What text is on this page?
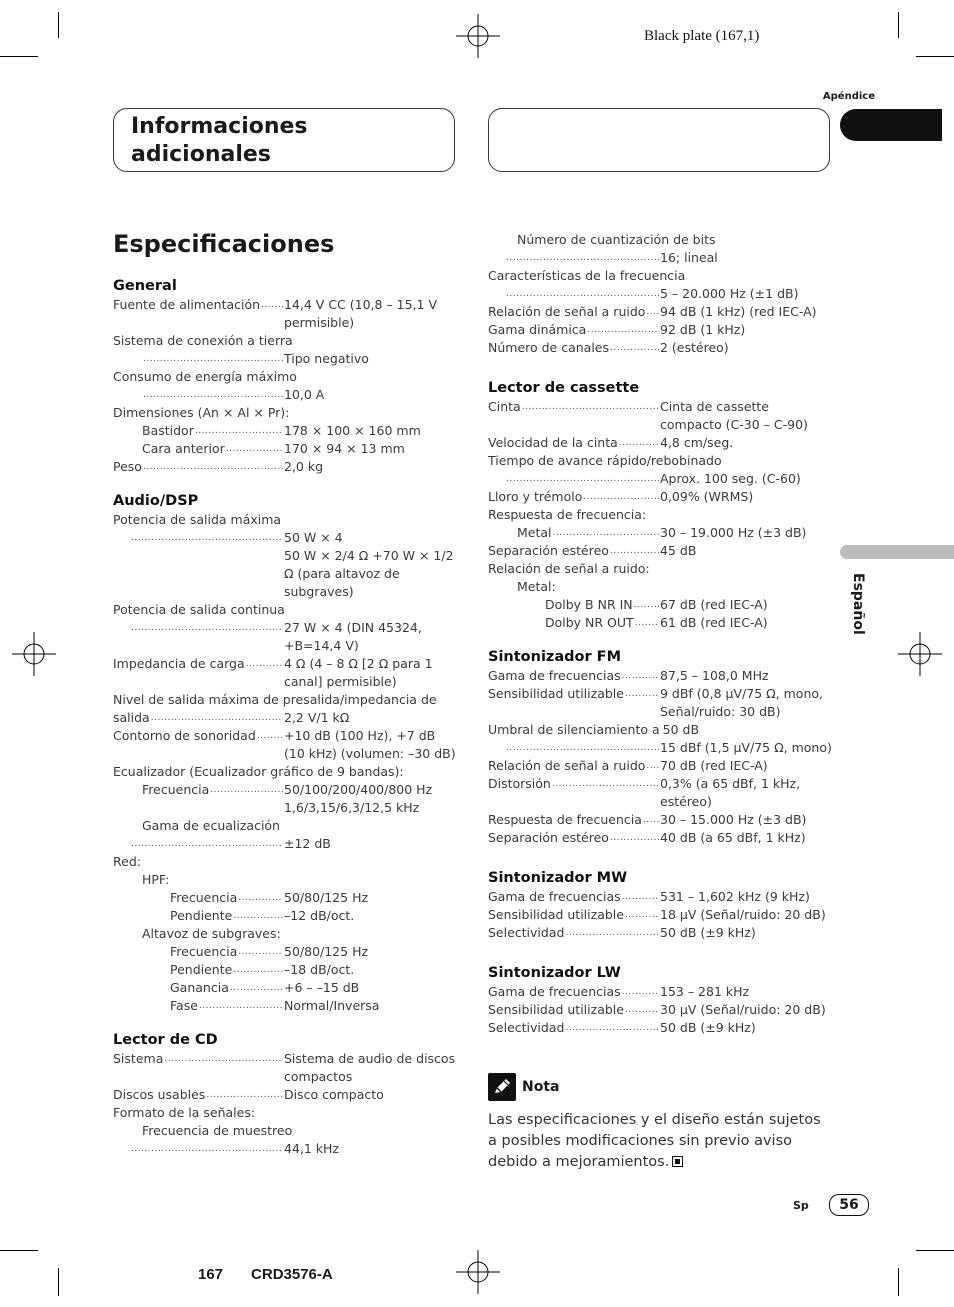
Black plate (167,1)
Apéndice
Español
Informaciones
adicionales
Especificaciones
General
Fuente de alimentación ..... 14,4 V CC (10,8 – 15,1 V permisible)
Sistema de conexión a tierra
.....
Tipo negativo
Consumo de energía máximo
.....
10,0 A
Dimensiones (An × Al × Pr):
Bastidor .....	178 × 100 × 160 mm
Cara anterior .....	170 × 94 × 13 mm
Peso .....	2,0 kg
Audio/DSP
Potencia de salida máxima
.....
50 W × 4
50 W × 2/4 Ω +70 W × 1/2 Ω (para altavoz de subgraves)
Potencia de salida continua
.....
27 W × 4 (DIN 45324, +B=14,4 V)
Impedancia de carga .....	4 Ω (4 – 8 Ω [2 Ω para 1 canal] permisible)
Nivel de salida máxima de presalida/impedancia de
salida .....	2,2 V/1 kΩ
Contorno de sonoridad ..... +10 dB (100 Hz), +7 dB (10 kHz) (volumen: –30 dB)
Ecualizador (Ecualizador gráfico de 9 bandas):
Frecuencia .....	50/100/200/400/800 Hz 1,6/3,15/6,3/12,5 kHz
Gama de ecualización
.....
±12 dB
Red:
HPF:
Frecuencia .....	50/80/125 Hz
Pendiente .....	–12 dB/oct.
Altavoz de subgraves:
Frecuencia .....	50/80/125 Hz
Pendiente .....	–18 dB/oct.
Ganancia .....	+6 – –15 dB
Fase .....	Normal/Inversa
Lector de CD
Sistema .....	Sistema de audio de discos compactos
Discos usables .....	Disco compacto
Formato de la señales:
Frecuencia de muestreo
.....
44,1 kHz
Número de cuantización de bits
.....
16; lineal
Características de la frecuencia
.....
5 – 20.000 Hz (±1 dB)
Relación de señal a ruido ..... 94 dB (1 kHz) (red IEC-A)
Gama dinámica .....	92 dB (1 kHz)
Número de canales .....	2 (estéreo)
Lector de cassette
Cinta .....	Cinta de cassette compacto (C-30 – C-90)
Velocidad de la cinta .....	4,8 cm/seg.
Tiempo de avance rápido/rebobinado
.....
Aprox. 100 seg. (C-60)
Lloro y trémolo .....	0,09% (WRMS)
Respuesta de frecuencia:
Metal .....	30 – 19.000 Hz (±3 dB)
Separación estéreo .....	45 dB
Relación de señal a ruido:
Metal:
Dolby B NR IN ..... 67 dB (red IEC-A)
Dolby NR OUT ..... 61 dB (red IEC-A)
Sintonizador FM
Gama de frecuencias .....	87,5 – 108,0 MHz
Sensibilidad utilizable .....	9 dBf (0,8 µV/75 Ω, mono, Señal/ruido: 30 dB)
Umbral de silenciamiento a 50 dB
.....
15 dBf (1,5 µV/75 Ω, mono)
Relación de señal a ruido ..... 70 dB (red IEC-A)
Distorsión .....	0,3% (a 65 dBf, 1 kHz, estéreo)
Respuesta de frecuencia ..... 30 – 15.000 Hz (±3 dB)
Separación estéreo .....	40 dB (a 65 dBf, 1 kHz)
Sintonizador MW
Gama de frecuencias .....	531 – 1,602 kHz (9 kHz)
Sensibilidad utilizable .....	18 µV (Señal/ruido: 20 dB)
Selectividad .....	50 dB (±9 kHz)
Sintonizador LW
Gama de frecuencias .....	153 – 281 kHz
Sensibilidad utilizable .....	30 µV (Señal/ruido: 20 dB)
Selectividad .....	50 dB (±9 kHz)
Nota
Las especificaciones y el diseño están sujetos a posibles modificaciones sin previo aviso debido a mejoramientos.
Sp	56
167 CRD3576-A
